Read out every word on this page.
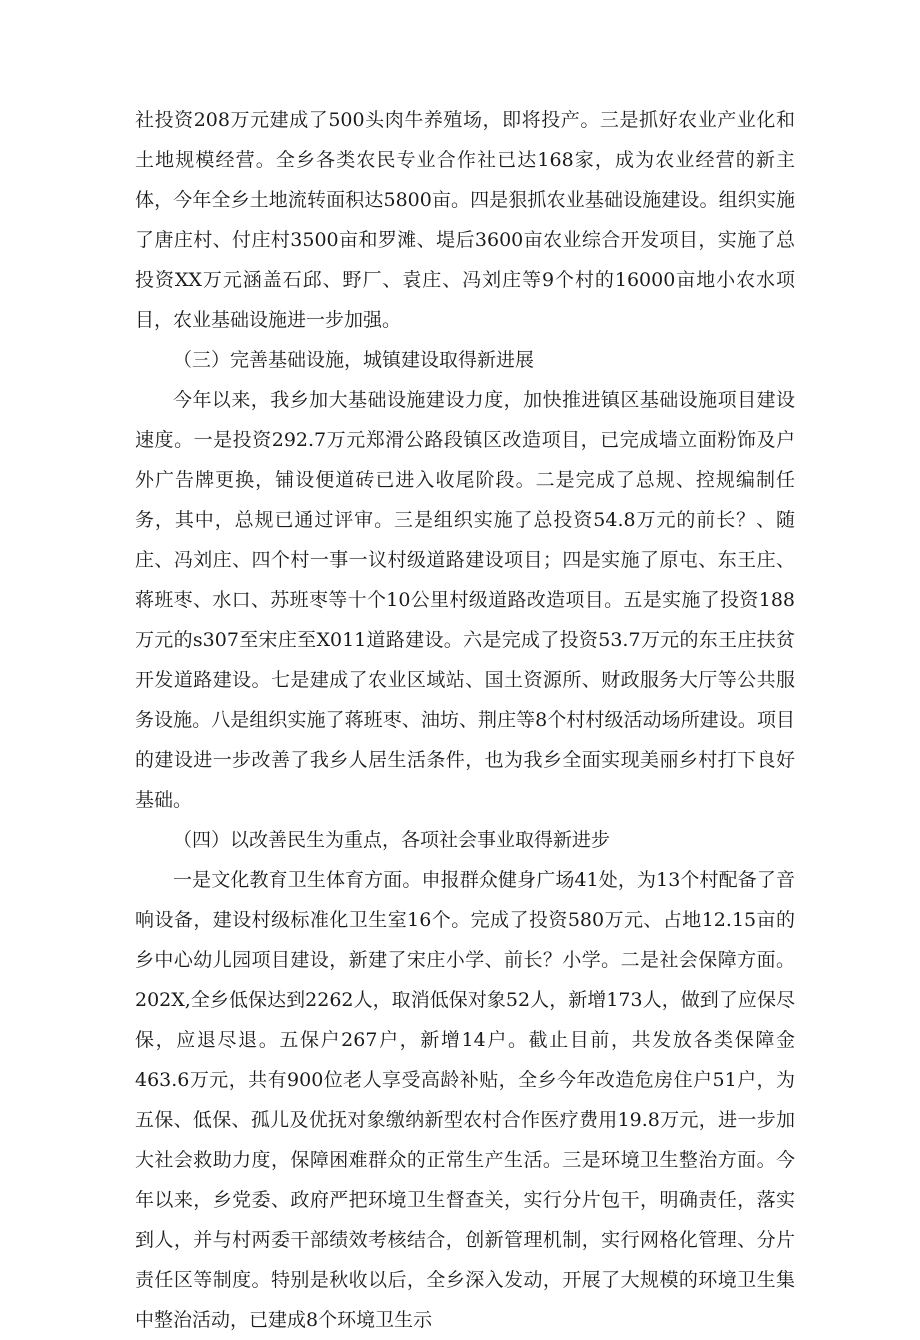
社投资208万元建成了500头肉牛养殖场，即将投产。三是抓好农业产业化和土地规模经营。全乡各类农民专业合作社已达168家，成为农业经营的新主体，今年全乡土地流转面积达5800亩。四是狠抓农业基础设施建设。组织实施了唐庄村、付庄村3500亩和罗滩、堤后3600亩农业综合开发项目，实施了总投资XX万元涵盖石邱、野厂、袁庄、冯刘庄等9个村的16000亩地小农水项目，农业基础设施进一步加强。

（三）完善基础设施，城镇建设取得新进展

今年以来，我乡加大基础设施建设力度，加快推进镇区基础设施项目建设速度。一是投资292.7万元郑滑公路段镇区改造项目，已完成墙立面粉饰及户外广告牌更换，铺设便道砖已进入收尾阶段。二是完成了总规、控规编制任务，其中，总规已通过评审。三是组织实施了总投资54.8万元的前长？、随庄、冯刘庄、四个村一事一议村级道路建设项目；四是实施了原屯、东王庄、蒋班枣、水口、苏班枣等十个10公里村级道路改造项目。五是实施了投资188万元的s307至宋庄至X011道路建设。六是完成了投资53.7万元的东王庄扶贫开发道路建设。七是建成了农业区域站、国土资源所、财政服务大厅等公共服务设施。八是组织实施了蒋班枣、油坊、荆庄等8个村村级活动场所建设。项目的建设进一步改善了我乡人居生活条件，也为我乡全面实现美丽乡村打下良好基础。

（四）以改善民生为重点，各项社会事业取得新进步

一是文化教育卫生体育方面。申报群众健身广场41处，为13个村配备了音响设备，建设村级标准化卫生室16个。完成了投资580万元、占地12.15亩的乡中心幼儿园项目建设，新建了宋庄小学、前长？小学。二是社会保障方面。202X,全乡低保达到2262人，取消低保对象52人，新增173人，做到了应保尽保，应退尽退。五保户267户，新增14户。截止目前，共发放各类保障金463.6万元，共有900位老人享受高龄补贴，全乡今年改造危房住户51户，为五保、低保、孤儿及优抚对象缴纳新型农村合作医疗费用19.8万元，进一步加大社会救助力度，保障困难群众的正常生产生活。三是环境卫生整治方面。今年以来，乡党委、政府严把环境卫生督查关，实行分片包干，明确责任，落实到人，并与村两委干部绩效考核结合，创新管理机制，实行网格化管理、分片责任区等制度。特别是秋收以后，全乡深入发动，开展了大规模的环境卫生集中整治活动，已建成8个环境卫生示
